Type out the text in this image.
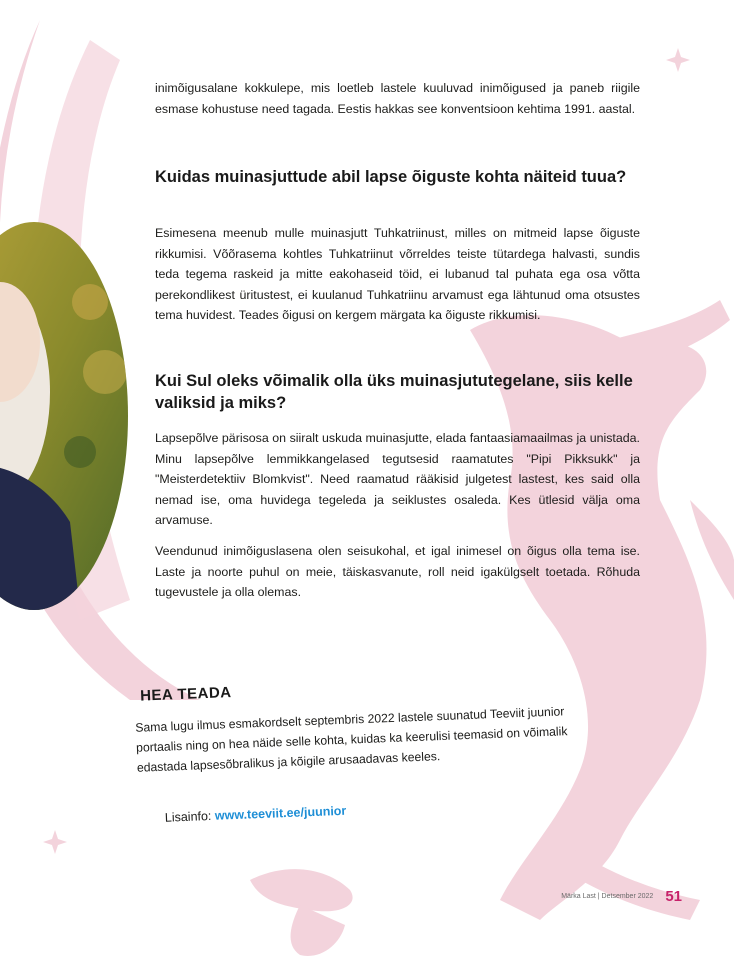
inimõigusalane kokkulepe, mis loetleb lastele kuuluvad inimõigused ja paneb riigile esmase kohustuse need tagada. Eestis hakkas see konventsioon kehtima 1991. aastal.

Kuidas muinasjuttude abil lapse õiguste kohta näiteid tuua?

Esimesena meenub mulle muinasjutt Tuhkatriinust, milles on mitmeid lapse õiguste rikkumisi. Võõrasema kohtles Tuhkatriinut võrreldes teiste tütardega halvasti, sundis teda tegema raskeid ja mitte eakohaseid töid, ei lubanud tal puhata ega osa võtta perekondlikest üritustest, ei kuulanud Tuhkatriinu arvamust ega lähtunud oma otsustes tema huvidest. Teades õigusi on kergem märgata ka õiguste rikkumisi.

Kui Sul oleks võimalik olla üks muinasjututegelane, siis kelle valiksid ja miks?

Lapsepõlve pärisosa on siiralt uskuda muinasjutte, elada fantaasiamaailmas ja unistada. Minu lapsepõlve lemmikkangelased tegutsesid raamatutes "Pipi Pikksukk" ja "Meisterdetektiiv Blomkvist". Need raamatud rääkisid julgetest lastest, kes said olla nemad ise, oma huvidega tegeleda ja seiklustes osaleda. Kes ütlesid välja oma arvamuse.

Veendunud inimõiguslasena olen seisukohal, et igal inimesel on õigus olla tema ise. Laste ja noorte puhul on meie, täiskasvanute, roll neid igakülgselt toetada. Rõhuda tugevustele ja olla olemas.

HEA TEADA
Sama lugu ilmus esmakordselt septembris 2022 lastele suunatud Teeviit juunior portaalis ning on hea näide selle kohta, kuidas ka keerulisi teemasid on võimalik edastada lapsesõbralikus ja kõigile arusaadavas keeles.
Lisainfo: www.teeviit.ee/juunior
Märka Last | Detsember 2022 51
